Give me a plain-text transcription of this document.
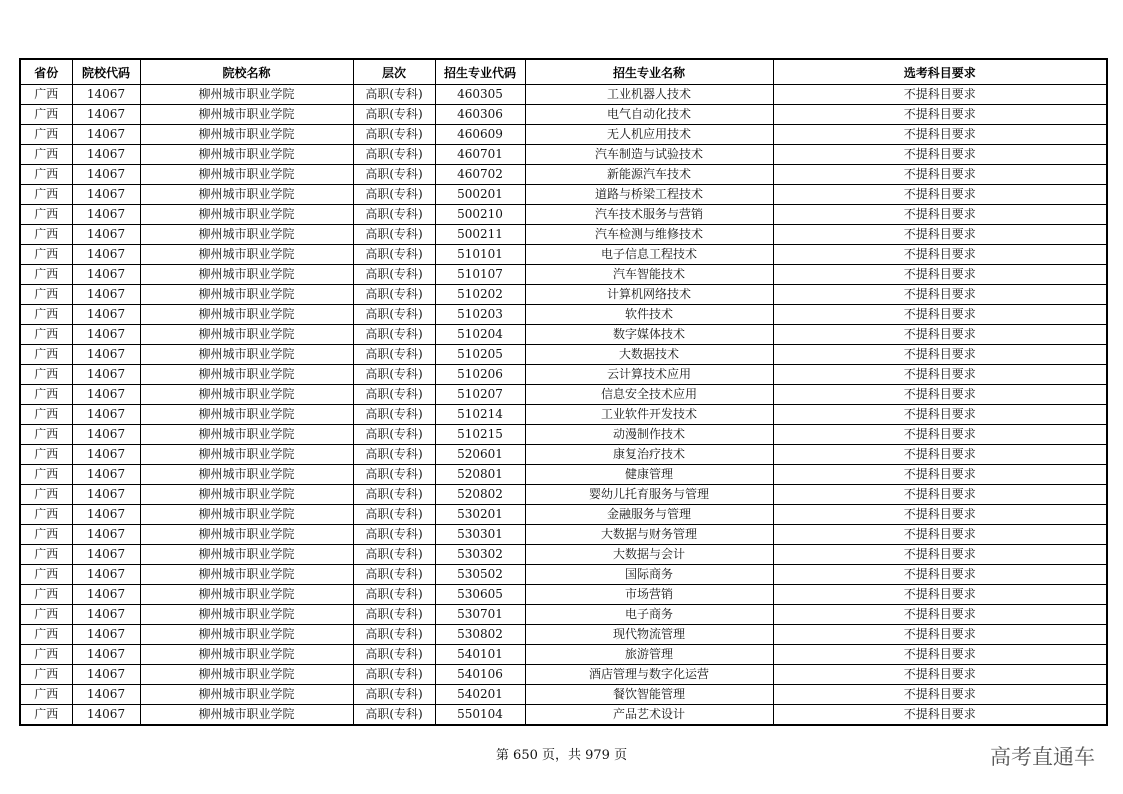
省份	院校代码	院校名称	层次	招生专业代码	招生专业名称	选考科目要求
广西	14067	柳州城市职业学院	高职(专科)	460305	工业机器人技术	不提科目要求
广西	14067	柳州城市职业学院	高职(专科)	460306	电气自动化技术	不提科目要求
广西	14067	柳州城市职业学院	高职(专科)	460609	无人机应用技术	不提科目要求
广西	14067	柳州城市职业学院	高职(专科)	460701	汽车制造与试验技术	不提科目要求
广西	14067	柳州城市职业学院	高职(专科)	460702	新能源汽车技术	不提科目要求
广西	14067	柳州城市职业学院	高职(专科)	500201	道路与桥梁工程技术	不提科目要求
广西	14067	柳州城市职业学院	高职(专科)	500210	汽车技术服务与营销	不提科目要求
广西	14067	柳州城市职业学院	高职(专科)	500211	汽车检测与维修技术	不提科目要求
广西	14067	柳州城市职业学院	高职(专科)	510101	电子信息工程技术	不提科目要求
广西	14067	柳州城市职业学院	高职(专科)	510107	汽车智能技术	不提科目要求
广西	14067	柳州城市职业学院	高职(专科)	510202	计算机网络技术	不提科目要求
广西	14067	柳州城市职业学院	高职(专科)	510203	软件技术	不提科目要求
广西	14067	柳州城市职业学院	高职(专科)	510204	数字媒体技术	不提科目要求
广西	14067	柳州城市职业学院	高职(专科)	510205	大数据技术	不提科目要求
广西	14067	柳州城市职业学院	高职(专科)	510206	云计算技术应用	不提科目要求
广西	14067	柳州城市职业学院	高职(专科)	510207	信息安全技术应用	不提科目要求
广西	14067	柳州城市职业学院	高职(专科)	510214	工业软件开发技术	不提科目要求
广西	14067	柳州城市职业学院	高职(专科)	510215	动漫制作技术	不提科目要求
广西	14067	柳州城市职业学院	高职(专科)	520601	康复治疗技术	不提科目要求
广西	14067	柳州城市职业学院	高职(专科)	520801	健康管理	不提科目要求
广西	14067	柳州城市职业学院	高职(专科)	520802	婴幼儿托育服务与管理	不提科目要求
广西	14067	柳州城市职业学院	高职(专科)	530201	金融服务与管理	不提科目要求
广西	14067	柳州城市职业学院	高职(专科)	530301	大数据与财务管理	不提科目要求
广西	14067	柳州城市职业学院	高职(专科)	530302	大数据与会计	不提科目要求
广西	14067	柳州城市职业学院	高职(专科)	530502	国际商务	不提科目要求
广西	14067	柳州城市职业学院	高职(专科)	530605	市场营销	不提科目要求
广西	14067	柳州城市职业学院	高职(专科)	530701	电子商务	不提科目要求
广西	14067	柳州城市职业学院	高职(专科)	530802	现代物流管理	不提科目要求
广西	14067	柳州城市职业学院	高职(专科)	540101	旅游管理	不提科目要求
广西	14067	柳州城市职业学院	高职(专科)	540106	酒店管理与数字化运营	不提科目要求
广西	14067	柳州城市职业学院	高职(专科)	540201	餐饮智能管理	不提科目要求
广西	14067	柳州城市职业学院	高职(专科)	550104	产品艺术设计	不提科目要求
第 650 页，共 979 页	高考直通车
